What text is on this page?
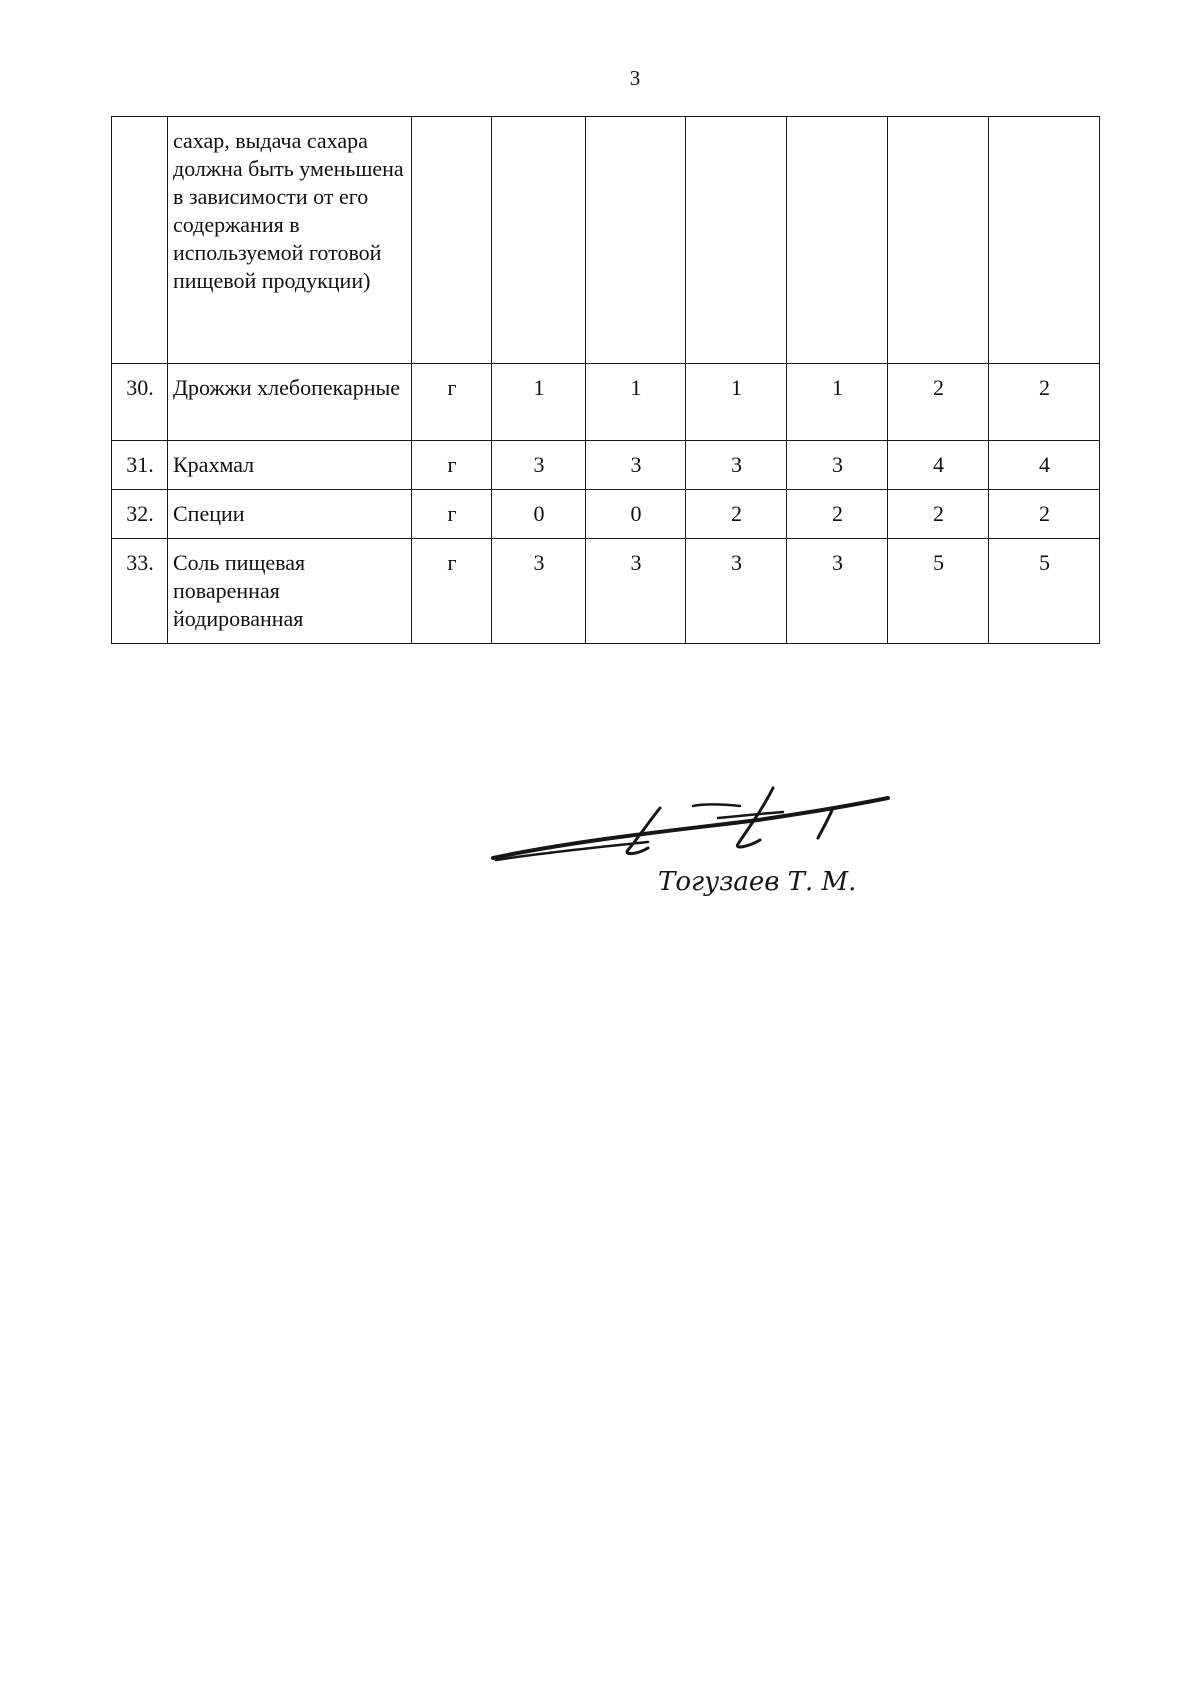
3
	сахар, выдача сахара должна быть уменьшена в зависимости от его содержания в используемой готовой пищевой продукции)							
30.	Дрожжи хлебопекарные	г	1	1	1	1	2	2
31.	Крахмал	г	3	3	3	3	4	4
32.	Специи	г	0	0	2	2	2	2
33.	Соль пищевая поваренная йодированная	г	3	3	3	3	5	5
Тогузаев Т. М.
